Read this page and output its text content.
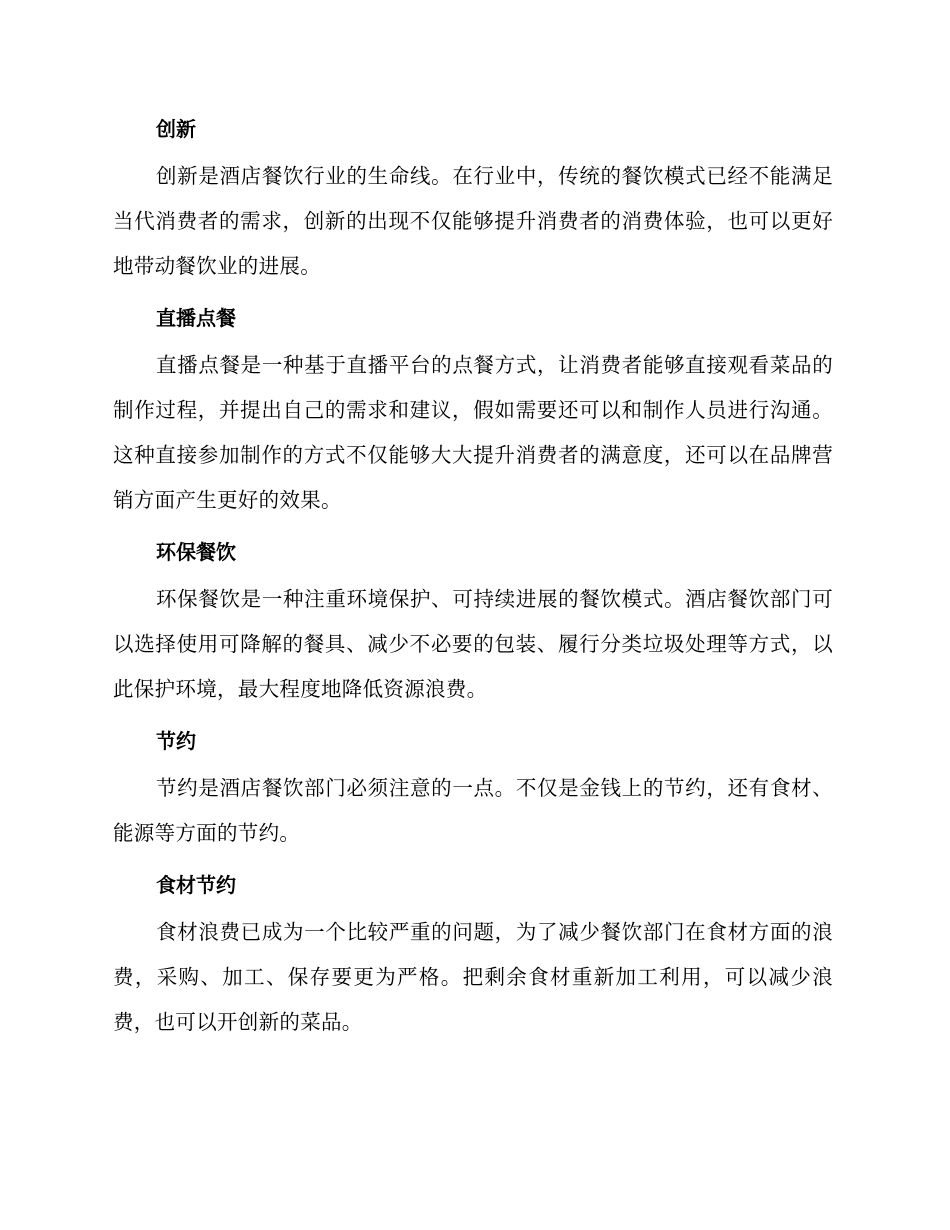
创新

创新是酒店餐饮行业的生命线。在行业中，传统的餐饮模式已经不能满足当代消费者的需求，创新的出现不仅能够提升消费者的消费体验，也可以更好地带动餐饮业的进展。

直播点餐

直播点餐是一种基于直播平台的点餐方式，让消费者能够直接观看菜品的制作过程，并提出自己的需求和建议，假如需要还可以和制作人员进行沟通。这种直接参加制作的方式不仅能够大大提升消费者的满意度，还可以在品牌营销方面产生更好的效果。

环保餐饮

环保餐饮是一种注重环境保护、可持续进展的餐饮模式。酒店餐饮部门可以选择使用可降解的餐具、减少不必要的包装、履行分类垃圾处理等方式，以此保护环境，最大程度地降低资源浪费。

节约

节约是酒店餐饮部门必须注意的一点。不仅是金钱上的节约，还有食材、能源等方面的节约。

食材节约

食材浪费已成为一个比较严重的问题，为了减少餐饮部门在食材方面的浪费，采购、加工、保存要更为严格。把剩余食材重新加工利用，可以减少浪费，也可以开创新的菜品。
